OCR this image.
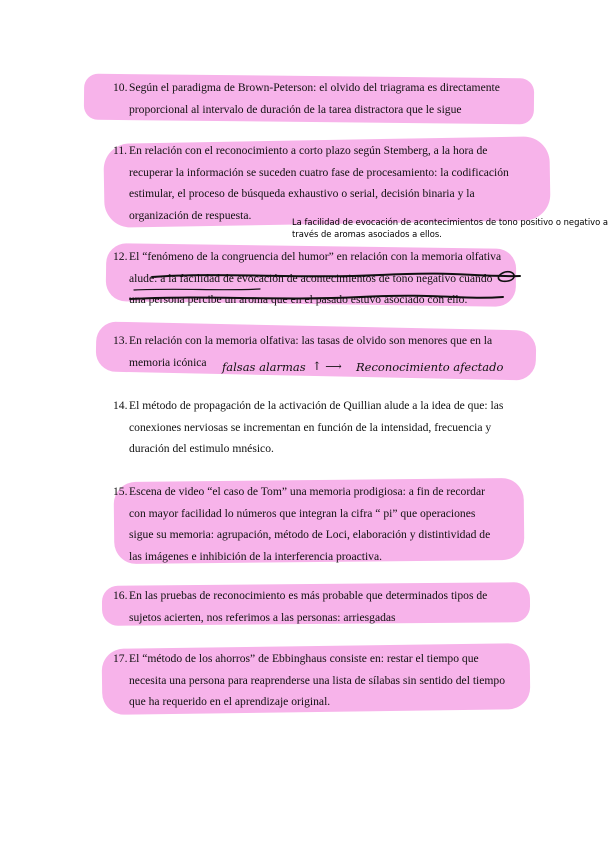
10. Según el paradigma de Brown-Peterson: el olvido del triagrama es directamente
proporcional al intervalo de duración de la tarea distractora que le sigue
11. En relación con el reconocimiento a corto plazo según Stemberg, a la hora de
recuperar la información se suceden cuatro fase de procesamiento: la codificación
estimular, el proceso de búsqueda exhaustivo o serial, decisión binaria y la
organización de respuesta.
La facilidad de evocación de acontecimientos de tono positivo o negativo a
través de aromas asociados a ellos.
12. El “fenómeno de la congruencia del humor” en relación con la memoria olfativa
alude: a la facilidad de evocación de acontecimientos de tono negativo cuando
una persona percibe un aroma que en el pasado estuvo asociado con ello.
13. En relación con la memoria olfativa: las tasas de olvido son menores que en la
memoria icónica falsas alarmas ↑ ⟶ Reconocimiento afectado
14. El método de propagación de la activación de Quillian alude a la idea de que: las
conexiones nerviosas se incrementan en función de la intensidad, frecuencia y
duración del estimulo mnésico.
15. Escena de video “el caso de Tom” una memoria prodigiosa: a fin de recordar
con mayor facilidad lo números que integran la cifra “ pi” que operaciones
sigue su memoria: agrupación, método de Loci, elaboración y distintividad de
las imágenes e inhibición de la interferencia proactiva.
16. En las pruebas de reconocimiento es más probable que determinados tipos de
sujetos acierten, nos referimos a las personas: arriesgadas
17. El “método de los ahorros” de Ebbinghaus consiste en: restar el tiempo que
necesita una persona para reaprenderse una lista de sílabas sin sentido del tiempo
que ha requerido en el aprendizaje original.
